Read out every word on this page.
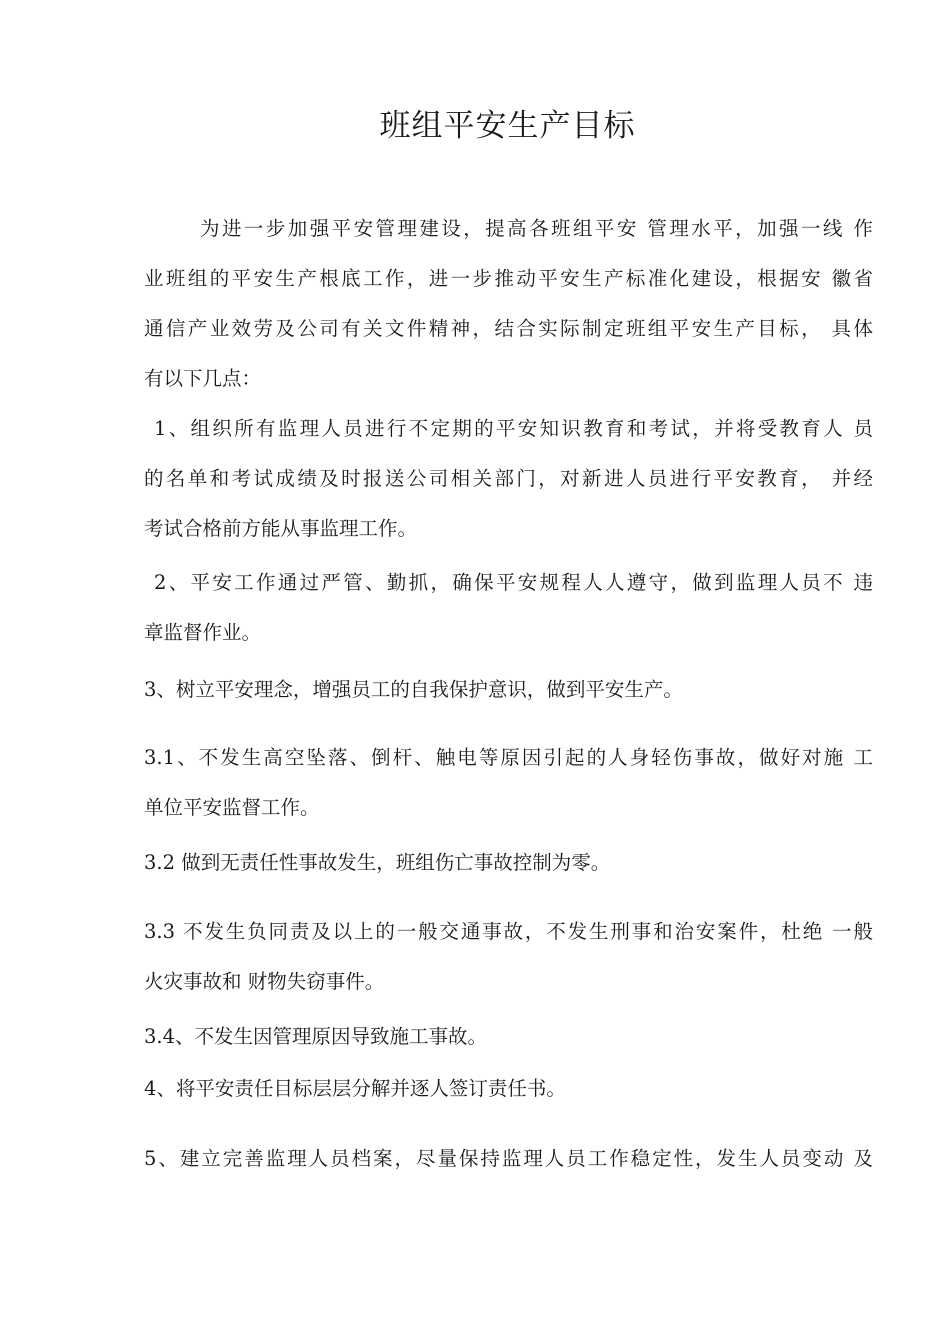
班组平安生产目标
为进一步加强平安管理建设，提高各班组平安 管理水平，加强一线 作
业班组的平安生产根底工作，进一步推动平安生产标准化建设，根据安 徽省
通信产业效劳及公司有关文件精神，结合实际制定班组平安生产目标， 具体
有以下几点：
1、组织所有监理人员进行不定期的平安知识教育和考试，并将受教育人 员
的名单和考试成绩及时报送公司相关部门，对新进人员进行平安教育， 并经
考试合格前方能从事监理工作。
2、平安工作通过严管、勤抓，确保平安规程人人遵守，做到监理人员不 违
章监督作业。
3、树立平安理念，增强员工的自我保护意识，做到平安生产。
3.1、不发生高空坠落、倒杆、触电等原因引起的人身轻伤事故，做好对施 工
单位平安监督工作。
3.2 做到无责任性事故发生，班组伤亡事故控制为零。
3.3 不发生负同责及以上的一般交通事故，不发生刑事和治安案件，杜绝 一般
火灾事故和 财物失窃事件。
3.4、不发生因管理原因导致施工事故。
4、将平安责任目标层层分解并逐人签订责任书。
5、建立完善监理人员档案，尽量保持监理人员工作稳定性，发生人员变动 及
